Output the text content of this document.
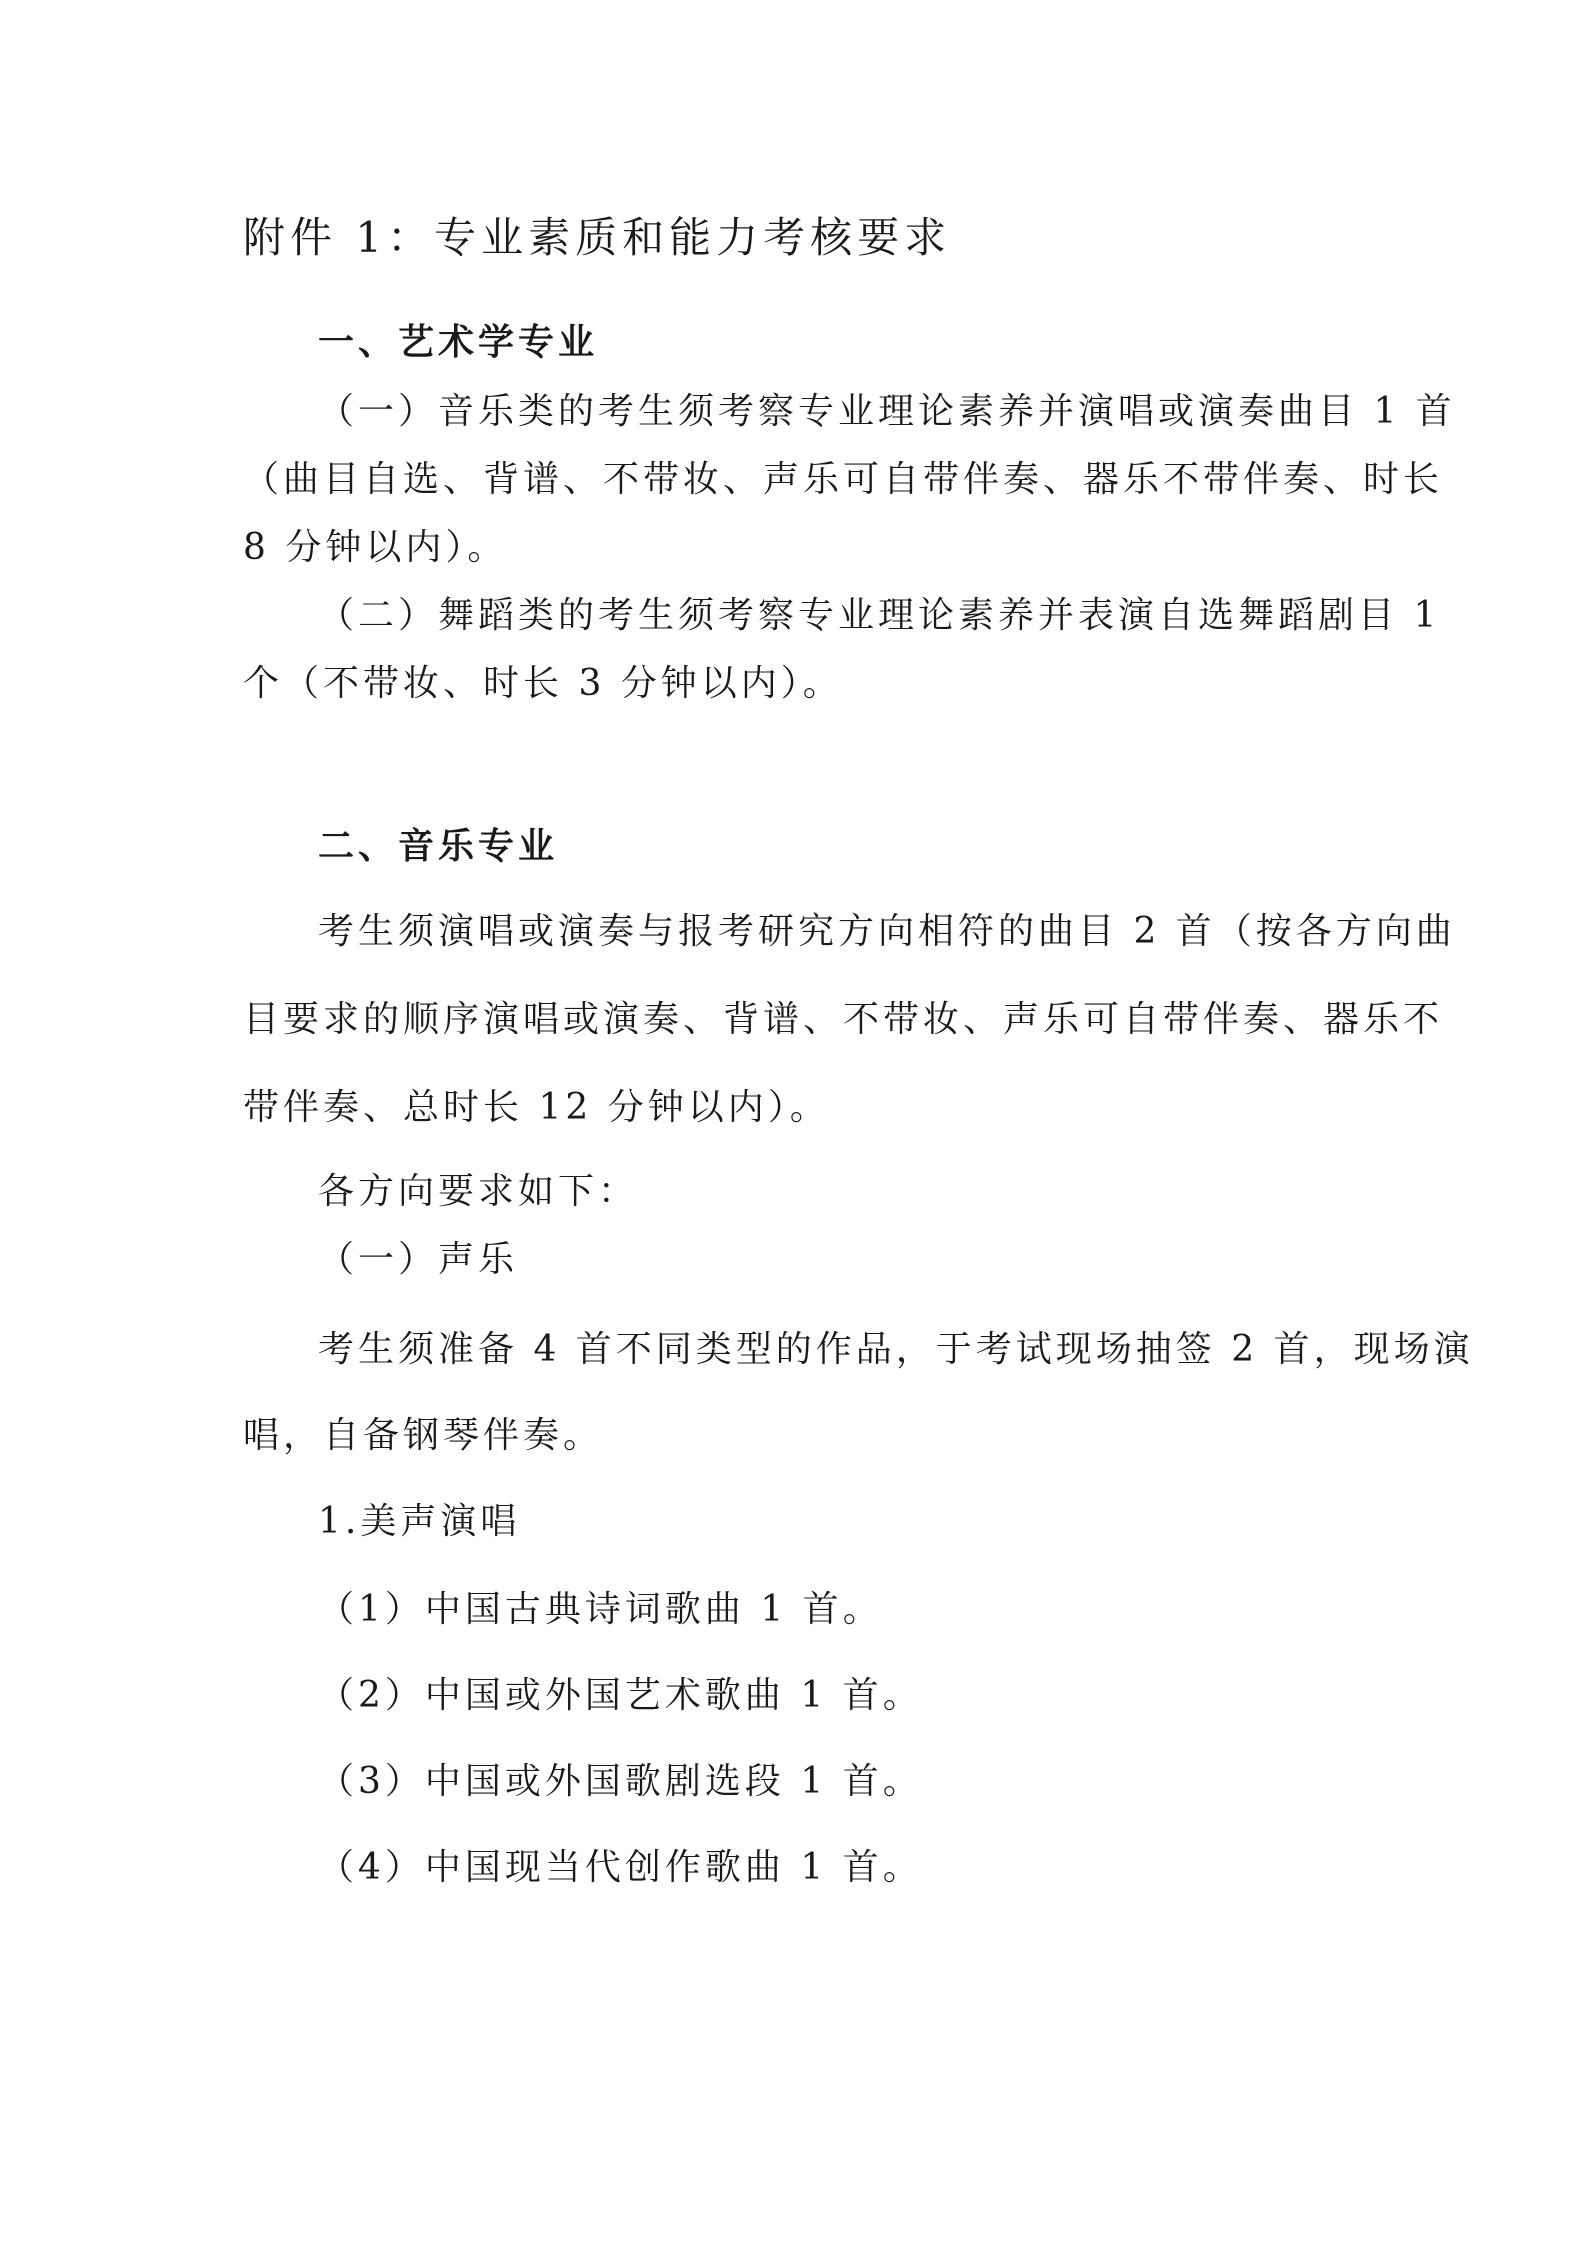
附件 1：专业素质和能力考核要求

一、艺术学专业

（一）音乐类的考生须考察专业理论素养并演唱或演奏曲目 1 首

（曲目自选、背谱、不带妆、声乐可自带伴奏、器乐不带伴奏、时长

8 分钟以内）。

（二）舞蹈类的考生须考察专业理论素养并表演自选舞蹈剧目 1

个（不带妆、时长 3 分钟以内）。

二、音乐专业

考生须演唱或演奏与报考研究方向相符的曲目 2 首（按各方向曲

目要求的顺序演唱或演奏、背谱、不带妆、声乐可自带伴奏、器乐不

带伴奏、总时长 12 分钟以内）。

各方向要求如下：

（一）声乐

考生须准备 4 首不同类型的作品，于考试现场抽签 2 首，现场演

唱，自备钢琴伴奏。

1.美声演唱

（1）中国古典诗词歌曲 1 首。

（2）中国或外国艺术歌曲 1 首。

（3）中国或外国歌剧选段 1 首。

（4）中国现当代创作歌曲 1 首。
